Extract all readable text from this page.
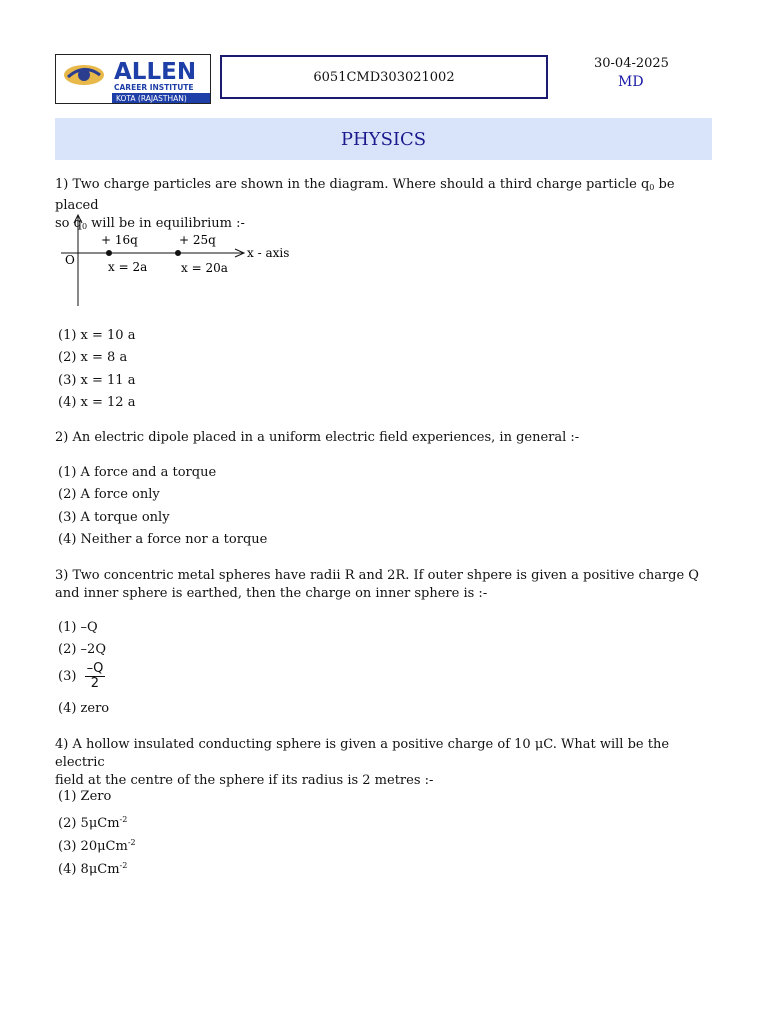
ALLEN
CAREER INSTITUTE
KOTA (RAJASTHAN)
6051CMD303021002
30-04-2025
MD
PHYSICS
1) Two charge particles are shown in the diagram. Where should a third charge particle $q_0$ be placed
so $q_0$ will be in equilibrium :-
O
+ 16q	+ 25q
x = 2a	x = 20a
x - axis
(1) x = 10 a
(2) x = 8 a
(3) x = 11 a
(4) x = 12 a
2) An electric dipole placed in a uniform electric field experiences, in general :-
(1) A force and a torque
(2) A force only
(3) A torque only
(4) Neither a force nor a torque
3) Two concentric metal spheres have radii R and 2R. If outer shpere is given a positive charge Q
and inner sphere is earthed, then the charge on inner sphere is :-
(1) –Q
(2) –2Q
$(3) \frac{-Q}{2}$
(4) zero
4) A hollow insulated conducting sphere is given a positive charge of 10 μC. What will be the electric
field at the centre of the sphere if its radius is 2 metres :-
(1) Zero
(2) 5μCm$^{-2}$
(3) 20μCm$^{-2}$
(4) 8μCm$^{-2}$
